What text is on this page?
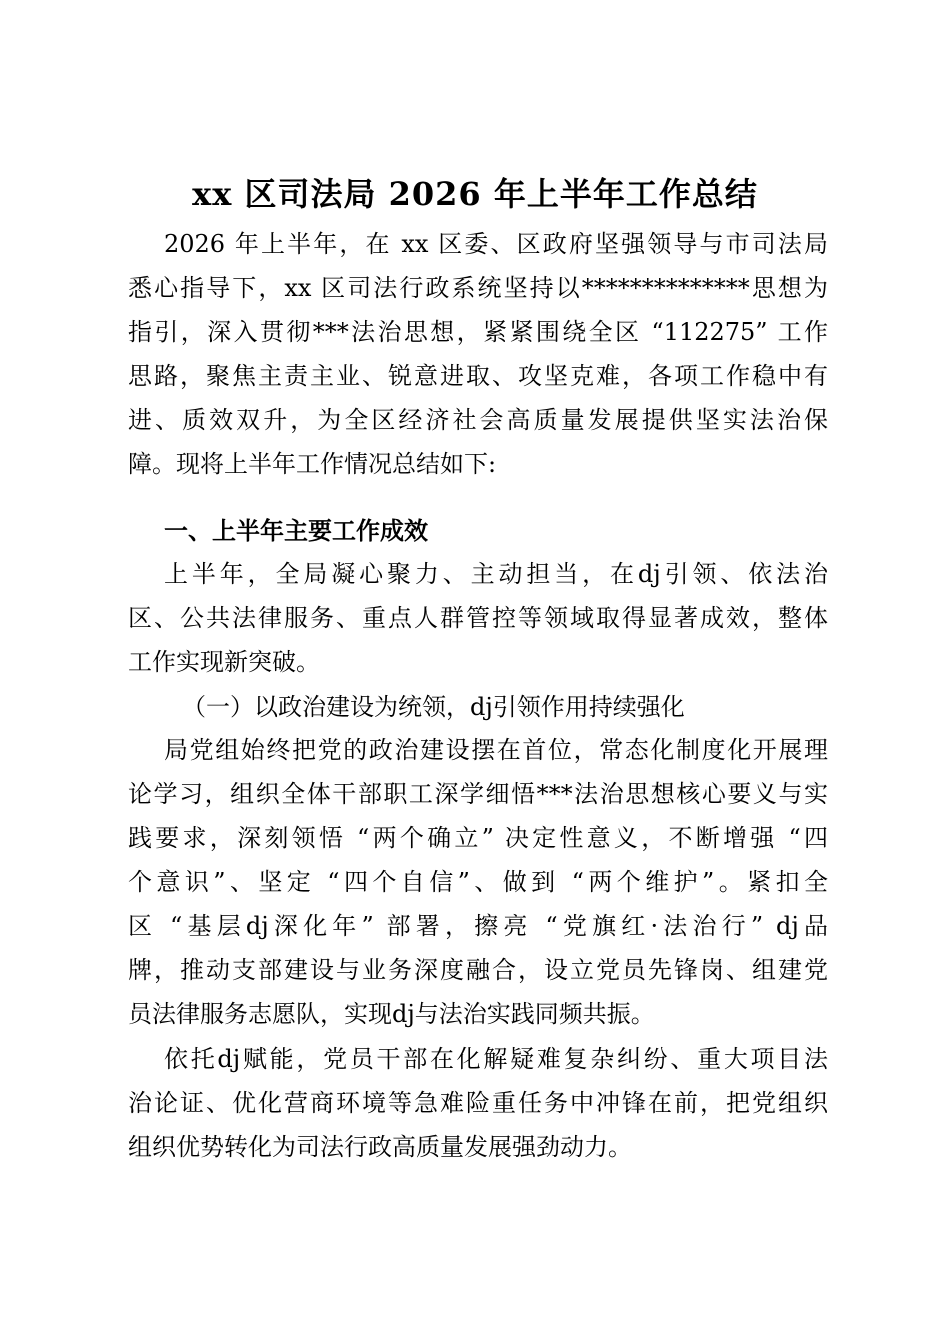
xx 区司法局 2026 年上半年工作总结
2026 年上半年，在 xx 区委、区政府坚强领导与市司法局
悉心指导下，xx 区司法行政系统坚持以**************思想为
指引，深入贯彻***法治思想，紧紧围绕全区 “112275” 工作
思路，聚焦主责主业、锐意进取、攻坚克难，各项工作稳中有
进、质效双升，为全区经济社会高质量发展提供坚实法治保
障。现将上半年工作情况总结如下:
一、上半年主要工作成效
上半年，全局凝心聚力、主动担当，在dj引领、依法治
区、公共法律服务、重点人群管控等领域取得显著成效，整体
工作实现新突破。
（一）以政治建设为统领，dj引领作用持续强化
局党组始终把党的政治建设摆在首位，常态化制度化开展理
论学习，组织全体干部职工深学细悟***法治思想核心要义与实
践要求，深刻领悟 “两个确立” 决定性意义，不断增强 “四
个意识”、坚定 “四个自信”、做到 “两个维护”。紧扣全
区 “基层dj深化年” 部署，擦亮 “党旗红·法治行” dj品
牌，推动支部建设与业务深度融合，设立党员先锋岗、组建党
员法律服务志愿队，实现dj与法治实践同频共振。
依托dj赋能，党员干部在化解疑难复杂纠纷、重大项目法
治论证、优化营商环境等急难险重任务中冲锋在前，把党组织
组织优势转化为司法行政高质量发展强劲动力。
